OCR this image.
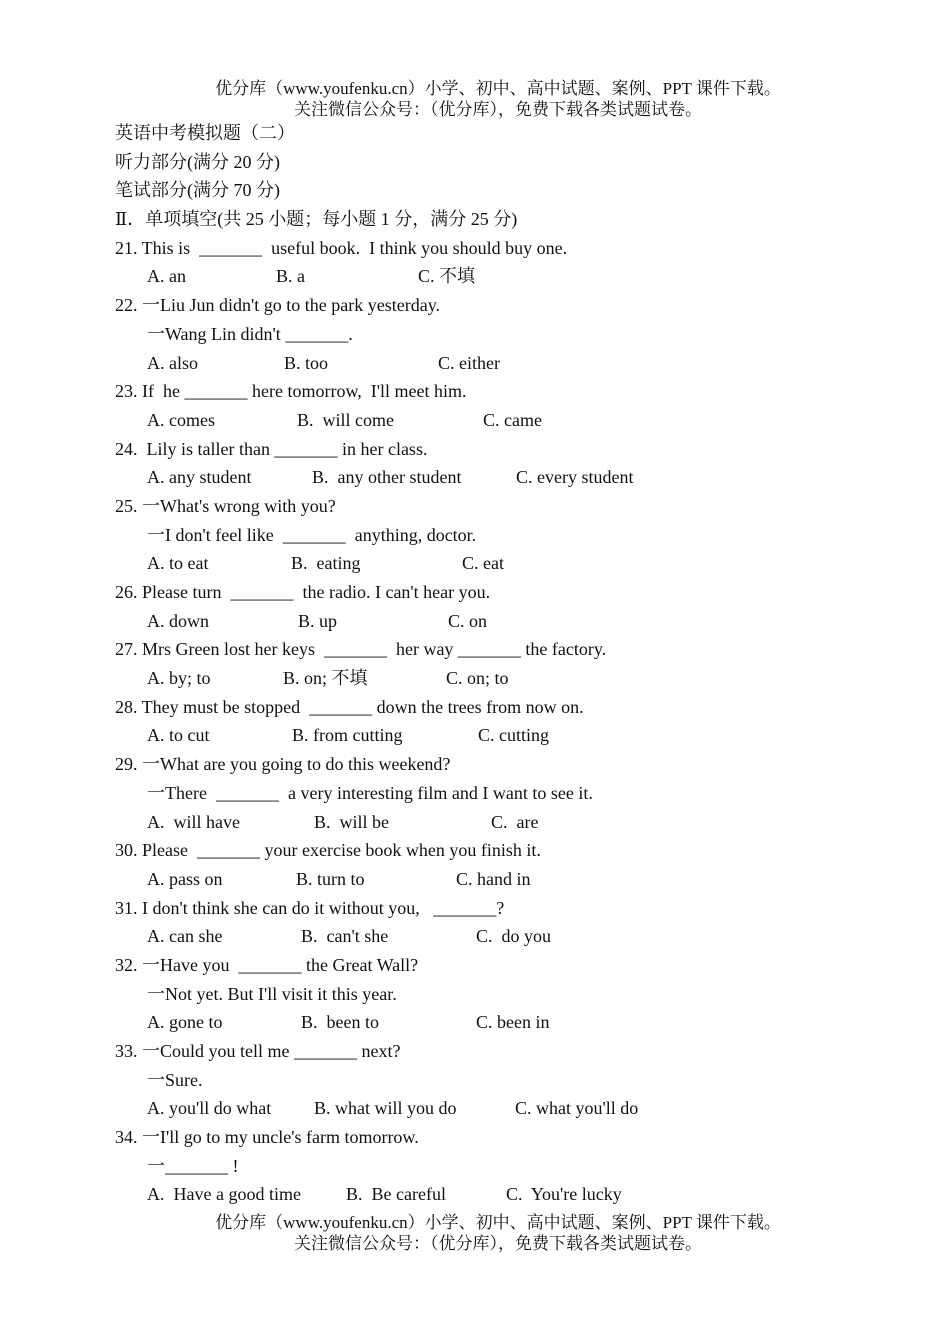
优分库（www.youfenku.cn）小学、初中、高中试题、案例、PPT 课件下载。
关注微信公众号：（优分库），免费下载各类试题试卷。
英语中考模拟题（二）
听力部分(满分 20 分)
笔试部分(满分 70 分)
Ⅱ．单项填空(共 25 小题；每小题 1 分，满分 25 分)
21. This is  _______  useful book.  I think you should buy one.

A. an

	B. a

	C. 不填

22. 一Liu Jun didn't go to the park yesterday.
一Wang Lin didn't _______.

A. also

	B. too

	C. either

23. If  he _______ here tomorrow,  I'll meet him.

A. comes

	B.  will come

	C. came

24.  Lily is taller than _______ in her class.

A. any student

	B.  any other student

	C. every student

25. 一What's wrong with you?
一I don't feel like  _______  anything, doctor.

A. to eat

	B.  eating

	C. eat

26. Please turn  _______  the radio. I can't hear you.

A. down

	B. up

	C. on

27. Mrs Green lost her keys  _______  her way _______ the factory.

A. by; to

	B. on; 不填

	C. on; to

28. They must be stopped  _______ down the trees from now on.

A. to cut

	B. from cutting

	C. cutting

29. 一What are you going to do this weekend?
一There  _______  a very interesting film and I want to see it.

A.  will have

	B.  will be

	C.  are

30. Please  _______ your exercise book when you finish it.

A. pass on

	B. turn to

	C. hand in

31. I don't think she can do it without you,   _______?

A. can she

	B.  can't she

	C.  do you

32. 一Have you  _______ the Great Wall?
一Not yet. But I'll visit it this year.

A. gone to

	B.  been to

	C. been in

33. 一Could you tell me _______ next?
一Sure.

A. you'll do what

B. what will you do

	C. what you'll do

34. 一I'll go to my uncle's farm tomorrow.
一_______ !

A.  Have a good time

	B.  Be careful

	C.  You're lucky

优分库（www.youfenku.cn）小学、初中、高中试题、案例、PPT 课件下载。
关注微信公众号：（优分库），免费下载各类试题试卷。
